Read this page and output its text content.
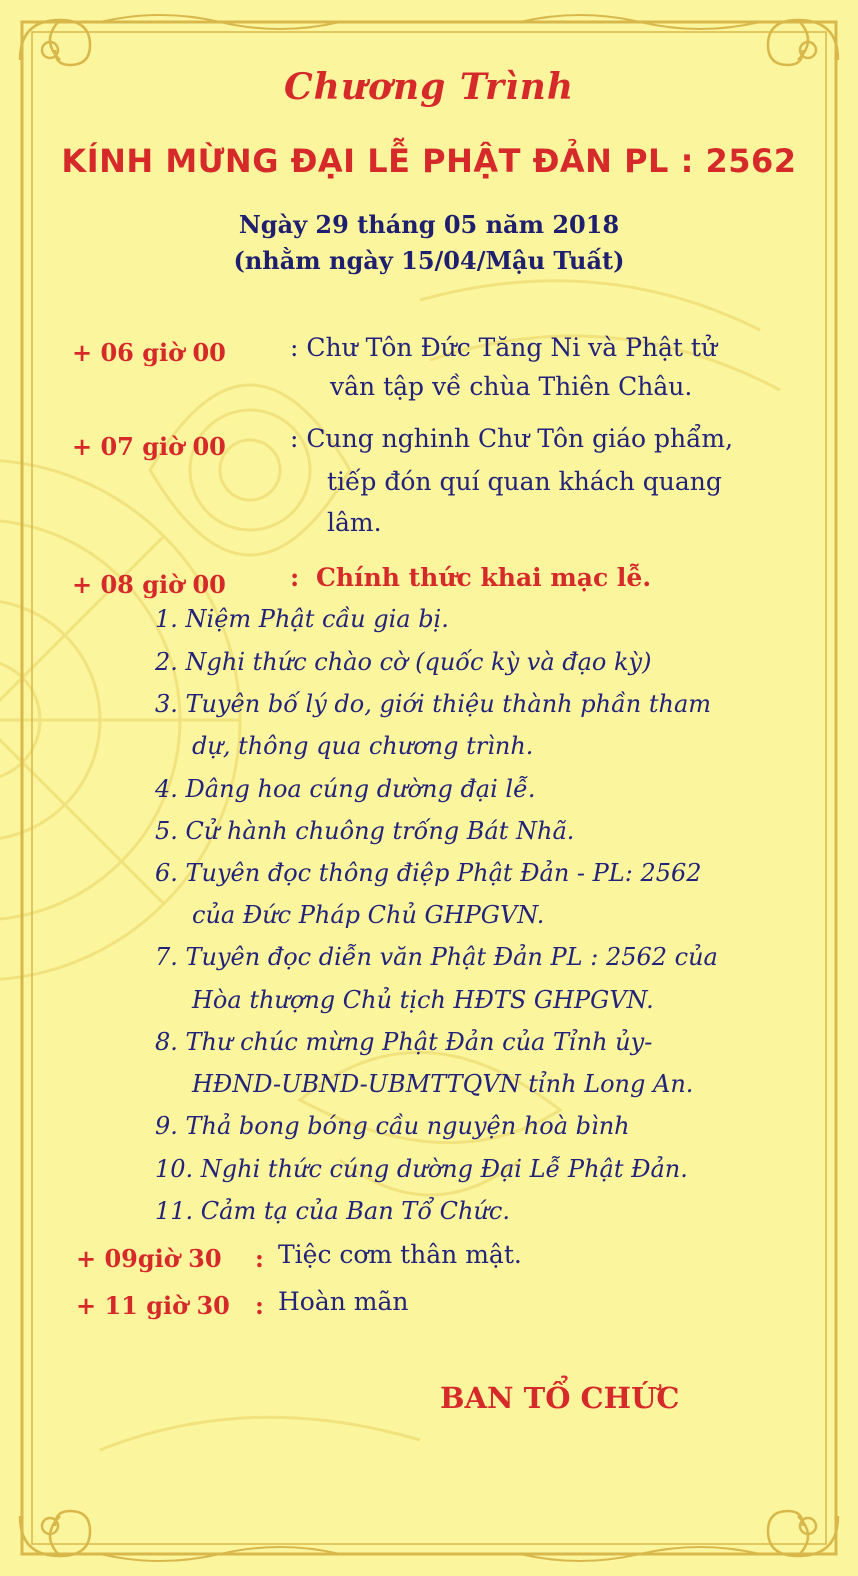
Chương Trình
KÍNH MỪNG ĐẠI LỄ PHẬT ĐẢN PL : 2562
Ngày 29 tháng 05 năm 2018
(nhằm ngày 15/04/Mậu Tuất)
+ 06 giờ 00	: Chư Tôn Đức Tăng Ni và Phật tử
vân tập về chùa Thiên Châu.
+ 07 giờ 00	: Cung nghinh Chư Tôn giáo phẩm,
tiếp đón quí quan khách quang
lâm.
+ 08 giờ 00	: Chính thức khai mạc lễ.
1. Niệm Phật cầu gia bị.
2. Nghi thức chào cờ (quốc kỳ và đạo kỳ)
3. Tuyên bố lý do, giới thiệu thành phần tham
dự, thông qua chương trình.
4. Dâng hoa cúng dường đại lễ.
5. Cử hành chuông trống Bát Nhã.
6. Tuyên đọc thông điệp Phật Đản - PL: 2562
của Đức Pháp Chủ GHPGVN.
7. Tuyên đọc diễn văn Phật Đản PL : 2562 của
Hòa thượng Chủ tịch HĐTS GHPGVN.
8. Thư chúc mừng Phật Đản của Tỉnh ủy-
HĐND-UBND-UBMTTQVN tỉnh Long An.
9. Thả bong bóng cầu nguyện hoà bình
10. Nghi thức cúng dường Đại Lễ Phật Đản.
11. Cảm tạ của Ban Tổ Chức.
+ 09giờ 30 : Tiệc cơm thân mật.
+ 11 giờ 30 : Hoàn mãn
BAN TỔ CHỨC
